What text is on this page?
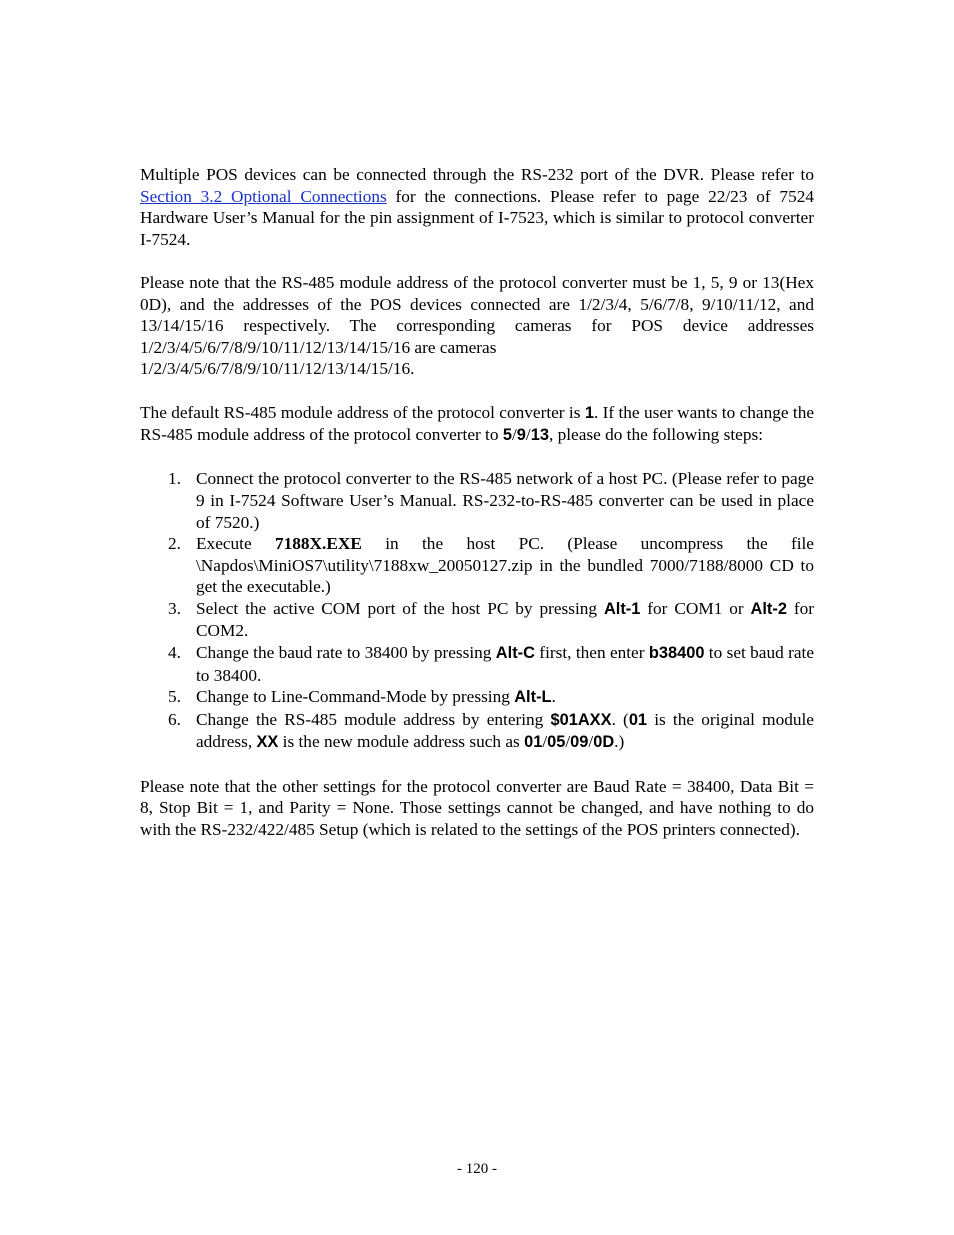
Multiple POS devices can be connected through the RS-232 port of the DVR. Please refer to Section 3.2 Optional Connections for the connections. Please refer to page 22/23 of 7524 Hardware User’s Manual for the pin assignment of I-7523, which is similar to protocol converter I-7524.

Please note that the RS-485 module address of the protocol converter must be 1, 5, 9 or 13(Hex 0D), and the addresses of the POS devices connected are 1/2/3/4, 5/6/7/8, 9/10/11/12, and 13/14/15/16 respectively. The corresponding cameras for POS device addresses 1/2/3/4/5/6/7/8/9/10/11/12/13/14/15/16 are cameras

1/2/3/4/5/6/7/8/9/10/11/12/13/14/15/16.

The default RS-485 module address of the protocol converter is 1. If the user wants to change the RS-485 module address of the protocol converter to 5/9/13, please do the following steps:

1. Connect the protocol converter to the RS-485 network of a host PC. (Please refer to page 9 in I-7524 Software User’s Manual. RS-232-to-RS-485 converter can be used in place of 7520.)
2. Execute 7188X.EXE in the host PC. (Please uncompress the file \Napdos\MiniOS7\utility\7188xw_20050127.zip in the bundled 7000/7188/8000 CD to get the executable.)
3. Select the active COM port of the host PC by pressing Alt-1 for COM1 or Alt-2 for COM2.
4. Change the baud rate to 38400 by pressing Alt-C first, then enter b38400 to set baud rate to 38400.
5. Change to Line-Command-Mode by pressing Alt-L.
6. Change the RS-485 module address by entering $01AXX. (01 is the original module address, XX is the new module address such as 01/05/09/0D.)

Please note that the other settings for the protocol converter are Baud Rate = 38400, Data Bit = 8, Stop Bit = 1, and Parity = None. Those settings cannot be changed, and have nothing to do with the RS-232/422/485 Setup (which is related to the settings of the POS printers connected).

- 120 -
